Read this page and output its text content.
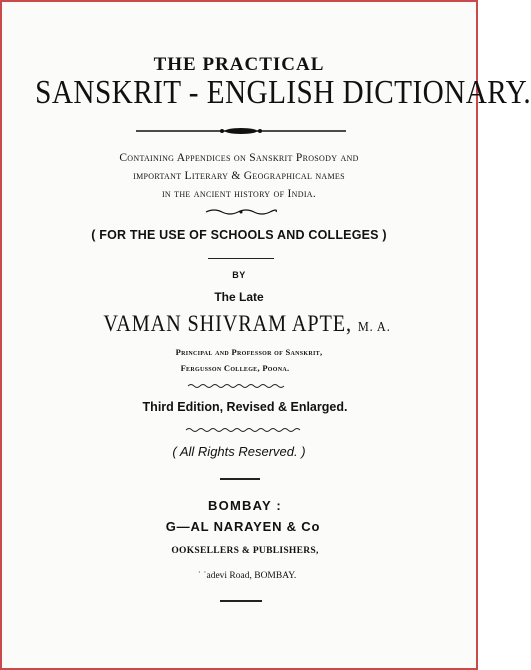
THE PRACTICAL
SANSKRIT - ENGLISH DICTIONARY.
Containing Appendices on Sanskrit Prosody and
important Literary & Geographical names
in the ancient history of India.
( FOR THE USE OF SCHOOLS AND COLLEGES )
BY
The Late
VAMAN SHIVRAM APTE, M. A.
Principal and Professor of Sanskrit,
Fergusson College, Poona.
Third Edition, Revised & Enlarged.
( All Rights Reserved. )
BOMBAY :
G—AL NARAYEN & Co
OOKSELLERS & PUBLISHERS,
˙ ˙adevi Road, BOMBAY.
